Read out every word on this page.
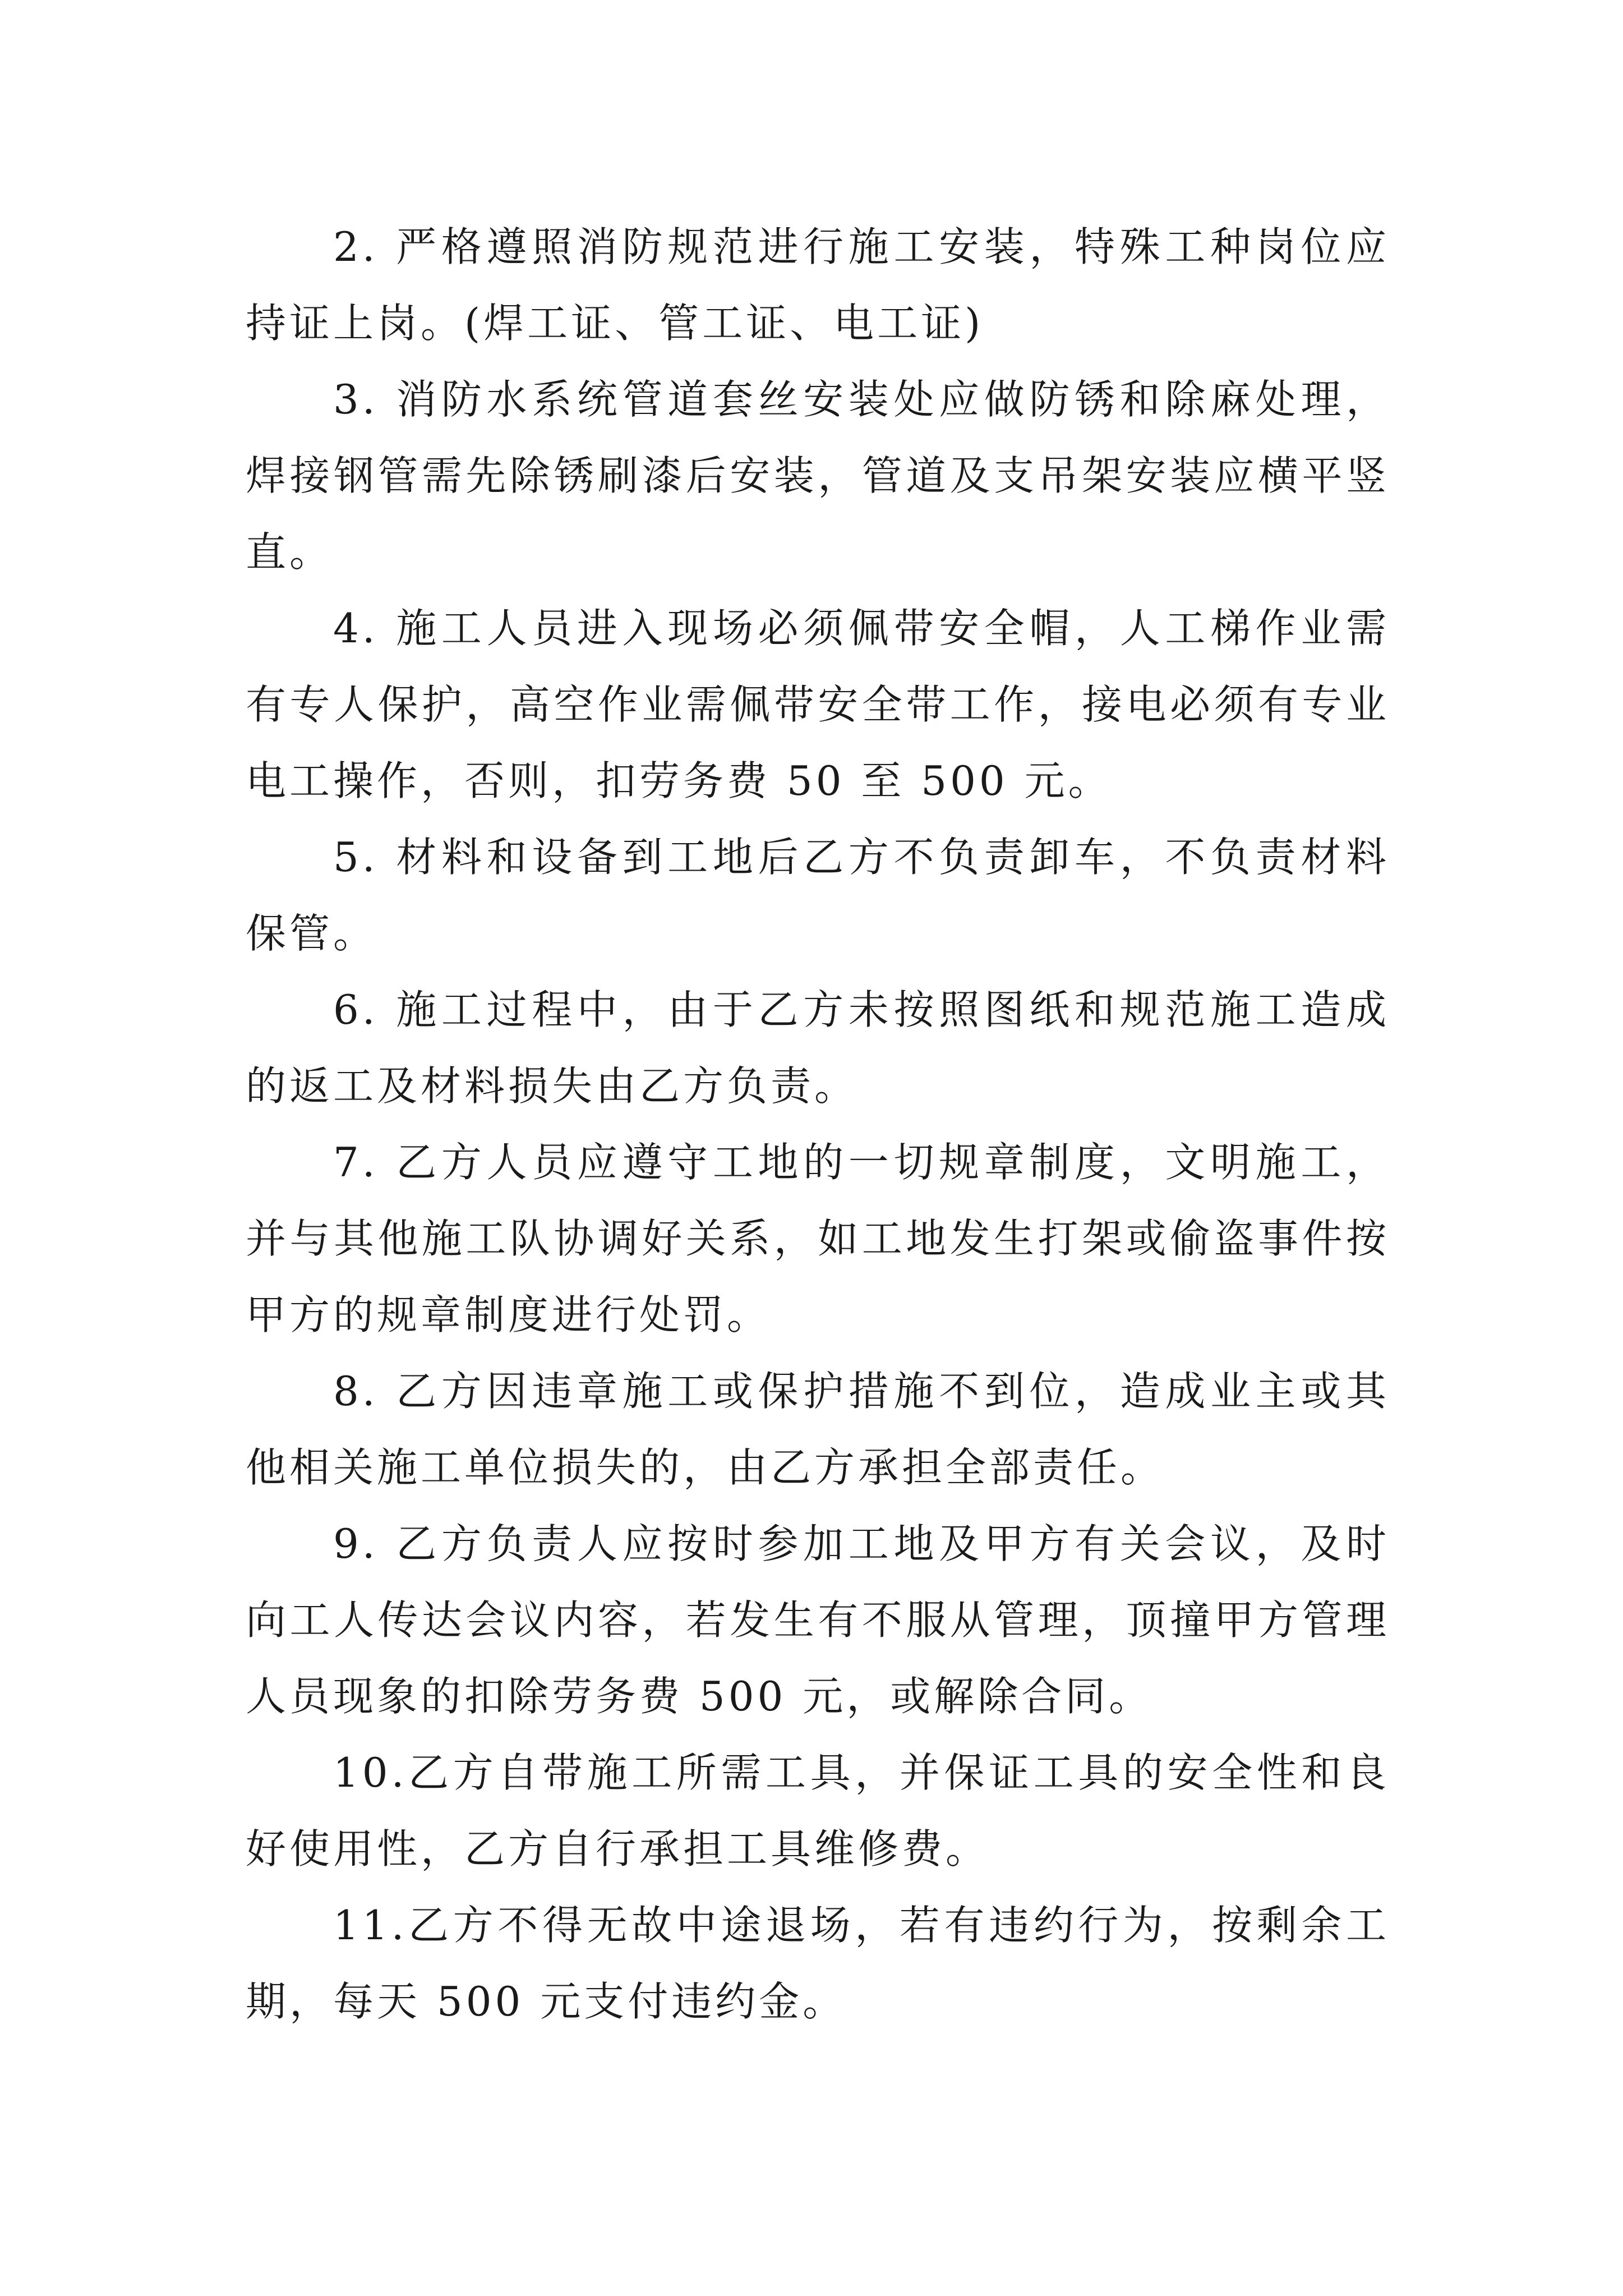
2. 严格遵照消防规范进行施工安装，特殊工种岗位应持证上岗。(焊工证、管工证、电工证)

3. 消防水系统管道套丝安装处应做防锈和除麻处理，焊接钢管需先除锈刷漆后安装，管道及支吊架安装应横平竖直。

4. 施工人员进入现场必须佩带安全帽，人工梯作业需有专人保护，高空作业需佩带安全带工作，接电必须有专业电工操作，否则，扣劳务费 50 至 500 元。

5. 材料和设备到工地后乙方不负责卸车，不负责材料保管。

6. 施工过程中，由于乙方未按照图纸和规范施工造成的返工及材料损失由乙方负责。

7. 乙方人员应遵守工地的一切规章制度，文明施工，并与其他施工队协调好关系，如工地发生打架或偷盗事件按甲方的规章制度进行处罚。

8. 乙方因违章施工或保护措施不到位，造成业主或其他相关施工单位损失的，由乙方承担全部责任。

9. 乙方负责人应按时参加工地及甲方有关会议，及时向工人传达会议内容，若发生有不服从管理，顶撞甲方管理人员现象的扣除劳务费 500 元，或解除合同。

10.乙方自带施工所需工具，并保证工具的安全性和良好使用性，乙方自行承担工具维修费。

11.乙方不得无故中途退场，若有违约行为，按剩余工期，每天 500 元支付违约金。
